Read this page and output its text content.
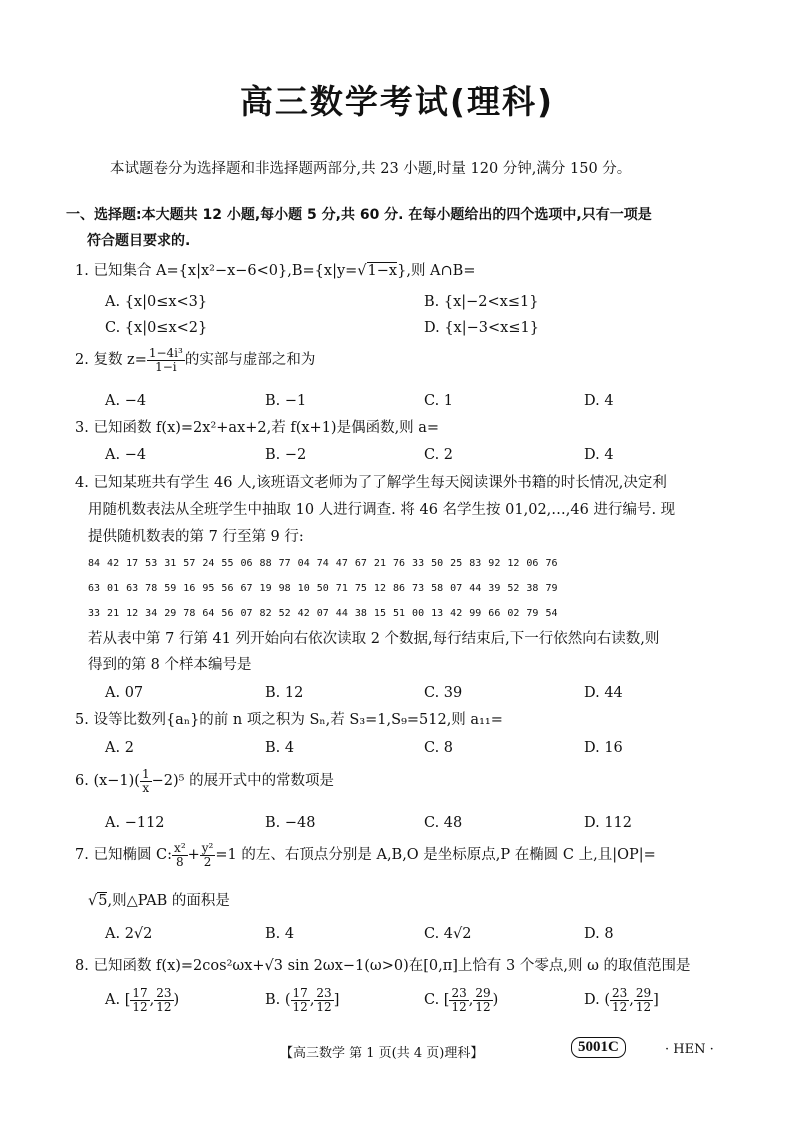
高三数学考试(理科)
本试题卷分为选择题和非选择题两部分,共 23 小题,时量 120 分钟,满分 150 分。
一、选择题:本大题共 12 小题,每小题 5 分,共 60 分. 在每小题给出的四个选项中,只有一项是
符合题目要求的.
1. 已知集合 A={x|x²−x−6<0},B={x|y=√1−x},则 A∩B=
A. {x|0≤x<3}	B. {x|−2<x≤1}
C. {x|0≤x<2}	D. {x|−3<x≤1}
2. 复数 $z= \frac{\text{1−4i³}}{1-i}$ 的实部与虚部之和为
A. −4	B. −1	C. 1	D. 4
3. 已知函数 f(x)=2x²+ax+2,若 f(x+1)是偶函数,则 a=
A. −4	B. −2	C. 2	D. 4
4. 已知某班共有学生 46 人,该班语文老师为了了解学生每天阅读课外书籍的时长情况,决定利
用随机数表法从全班学生中抽取 10 人进行调查. 将 46 名学生按 01,02,…,46 进行编号. 现
提供随机数表的第 7 行至第 9 行:
84 42 17 53 31 57 24 55 06 88 77 04 74 47 67 21 76 33 50 25 83 92 12 06 76
63 01 63 78 59 16 95 56 67 19 98 10 50 71 75 12 86 73 58 07 44 39 52 38 79
33 21 12 34 29 78 64 56 07 82 52 42 07 44 38 15 51 00 13 42 99 66 02 79 54
若从表中第 7 行第 41 列开始向右依次读取 2 个数据,每行结束后,下一行依然向右读数,则
得到的第 8 个样本编号是
A. 07	B. 12	C. 39	D. 44
5. 设等比数列{aₙ}的前 n 项之积为 Sₙ,若 S₃=1,S₉=512,则 a₁₁=
A. 2	B. 4	C. 8	D. 16
6. $(x-1)( \frac{1}{x} -2)^5$ 的展开式中的常数项是
A. −112	B. −48	C. 48	D. 112
7. 已知椭圆 C: $\frac{\text{x²}}{8} + \frac{\text{y²}}{2} =1$ 的左、右顶点分别是 A,B,O 是坐标原点,P 在椭圆 C 上,且|OP|=
√5,则△PAB 的面积是
A. 2√2	B. 4	C. 4√2	D. 8
8. 已知函数 f(x)=2cos²ωx+√3 sin 2ωx−1(ω>0)在[0,π]上恰有 3 个零点,则 ω 的取值范围是
A. [ $\frac{17}{12}$ , $\frac{23}{12}$ )	B. ( $\frac{17}{12}$ , $\frac{23}{12}$ ]	C. [ $\frac{23}{12}$ , $\frac{29}{12}$ )	D. ( $\frac{23}{12}$ , $\frac{29}{12}$ ]
【高三数学 第 1 页(共 4 页)理科】	5001C	· HEN ·
